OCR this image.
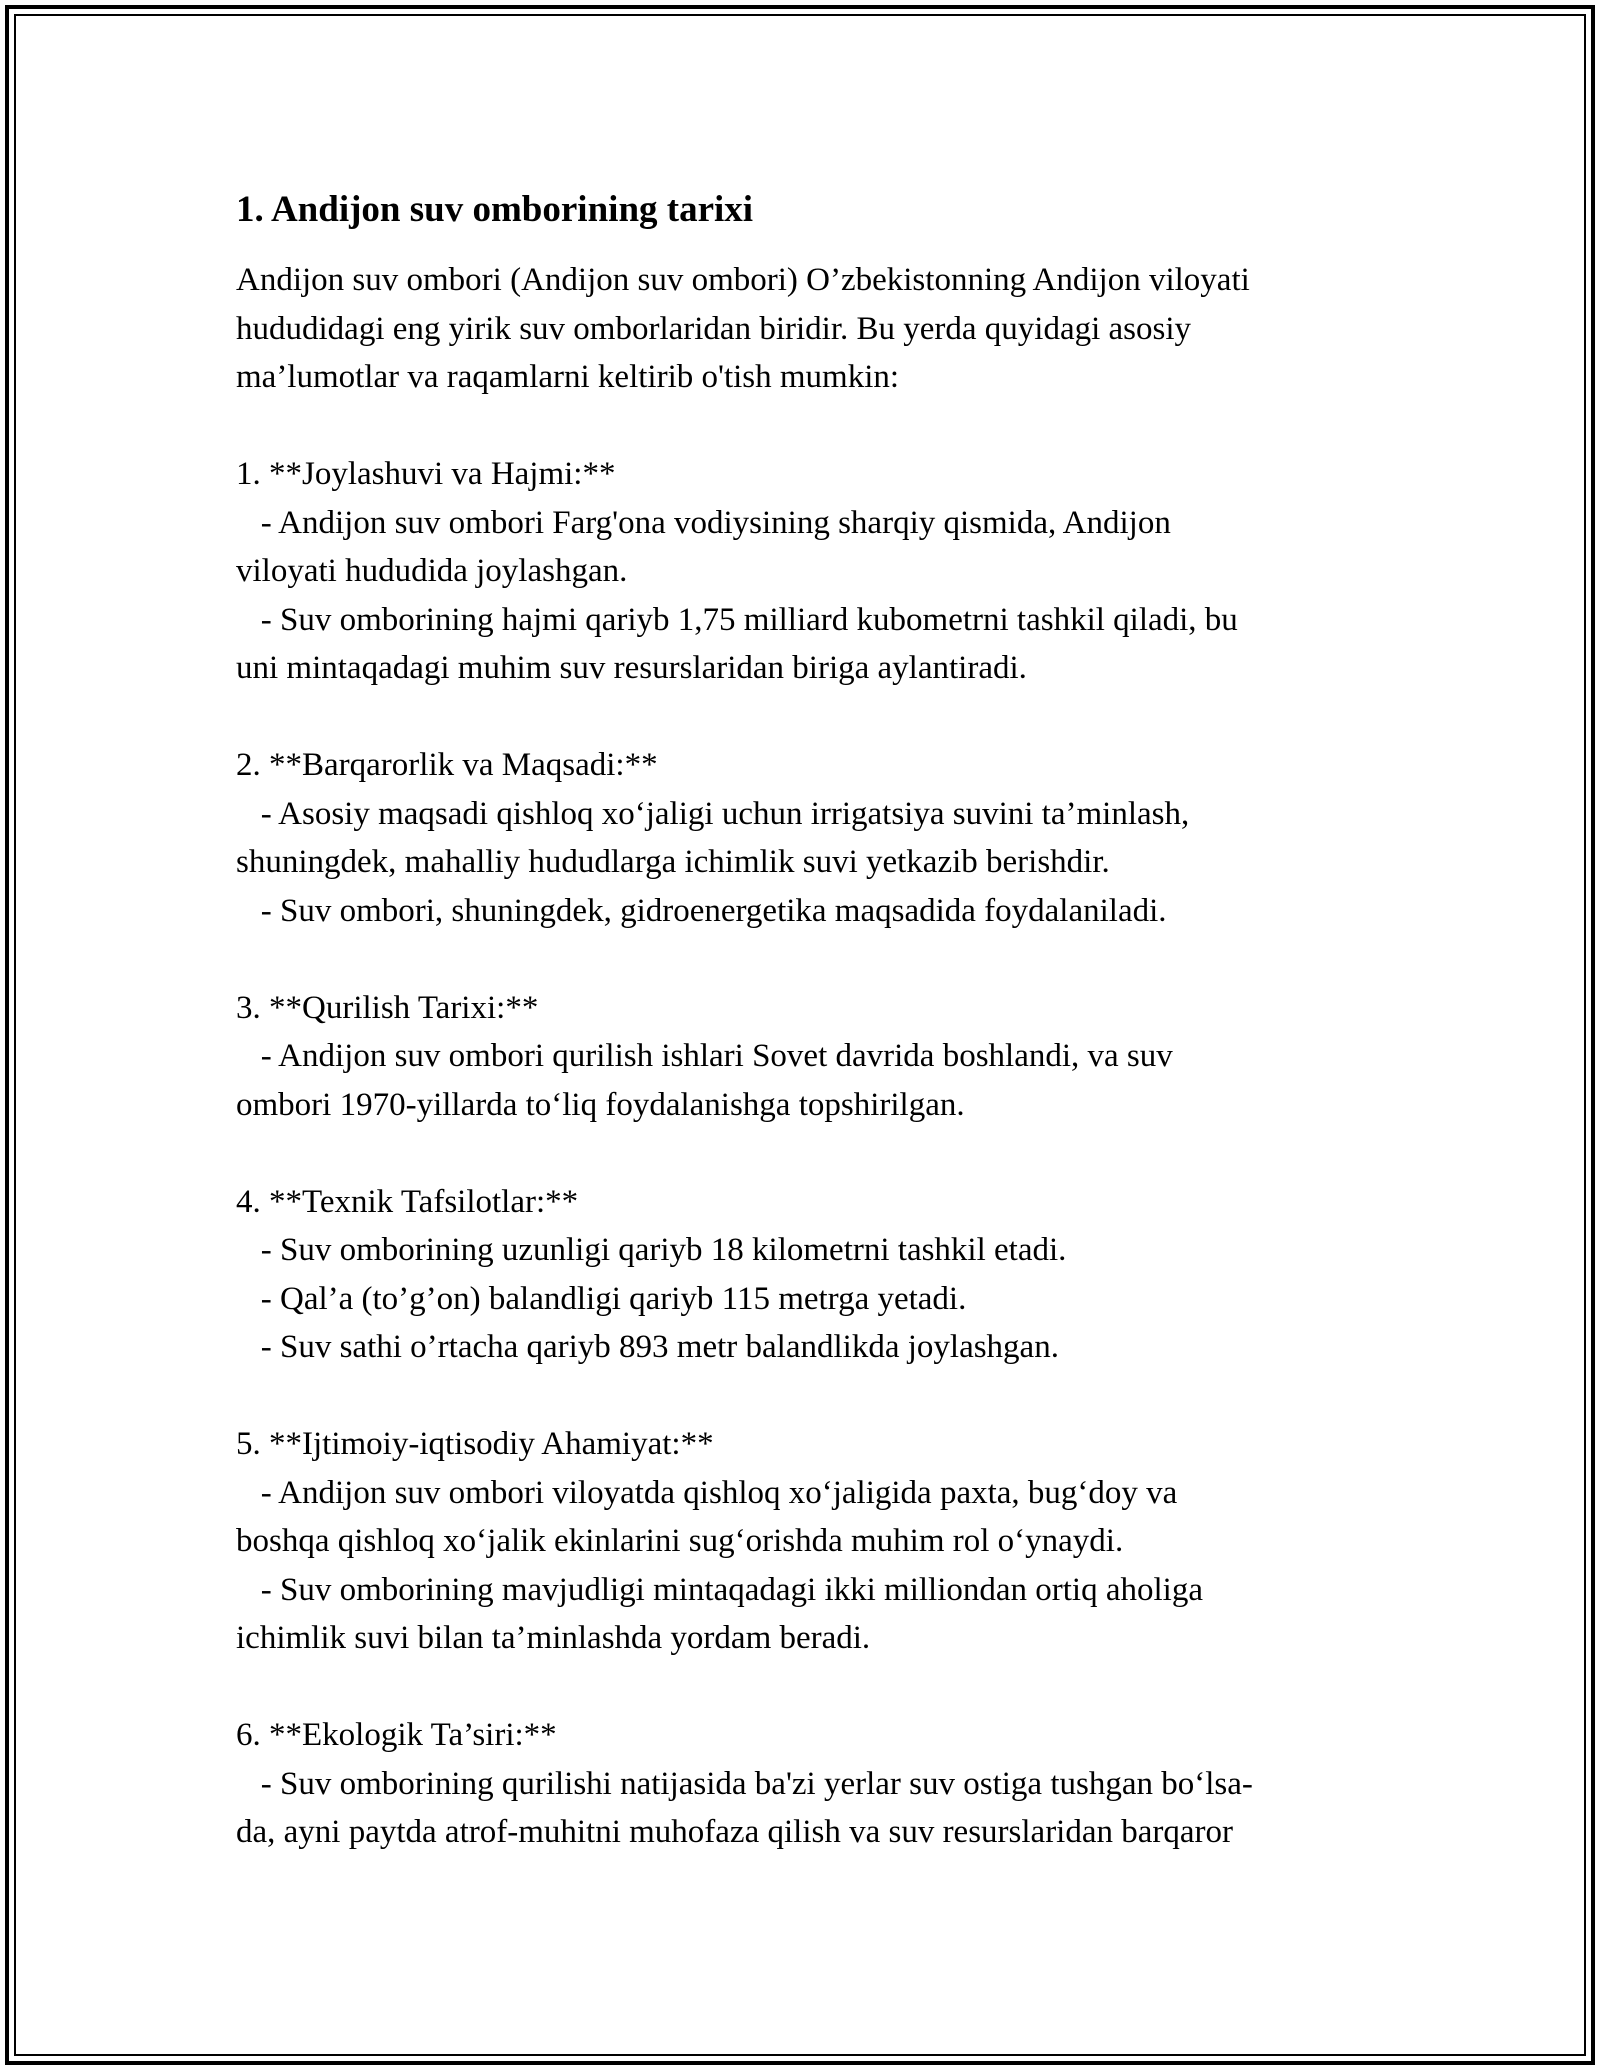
1. Andijon suv omborining tarixi

Andijon suv ombori (Andijon suv ombori) O’zbekistonning Andijon viloyati
hududidagi eng yirik suv omborlaridan biridir. Bu yerda quyidagi asosiy
ma’lumotlar va raqamlarni keltirib o'tish mumkin:

1. **Joylashuvi va Hajmi:**
- Andijon suv ombori Farg'ona vodiysining sharqiy qismida, Andijon
viloyati hududida joylashgan.
- Suv omborining hajmi qariyb 1,75 milliard kubometrni tashkil qiladi, bu
uni mintaqadagi muhim suv resurslaridan biriga aylantiradi.

2. **Barqarorlik va Maqsadi:**
- Asosiy maqsadi qishloq xo‘jaligi uchun irrigatsiya suvini ta’minlash,
shuningdek, mahalliy hududlarga ichimlik suvi yetkazib berishdir.
- Suv ombori, shuningdek, gidroenergetika maqsadida foydalaniladi.

3. **Qurilish Tarixi:**
- Andijon suv ombori qurilish ishlari Sovet davrida boshlandi, va suv
ombori 1970-yillarda to‘liq foydalanishga topshirilgan.

4. **Texnik Tafsilotlar:**
- Suv omborining uzunligi qariyb 18 kilometrni tashkil etadi.
- Qal’a (to’g’on) balandligi qariyb 115 metrga yetadi.
- Suv sathi o’rtacha qariyb 893 metr balandlikda joylashgan.

5. **Ijtimoiy-iqtisodiy Ahamiyat:**
- Andijon suv ombori viloyatda qishloq xo‘jaligida paxta, bug‘doy va
boshqa qishloq xo‘jalik ekinlarini sug‘orishda muhim rol o‘ynaydi.
- Suv omborining mavjudligi mintaqadagi ikki milliondan ortiq aholiga
ichimlik suvi bilan ta’minlashda yordam beradi.

6. **Ekologik Ta’siri:**
- Suv omborining qurilishi natijasida ba'zi yerlar suv ostiga tushgan bo‘lsa-
da, ayni paytda atrof-muhitni muhofaza qilish va suv resurslaridan barqaror
